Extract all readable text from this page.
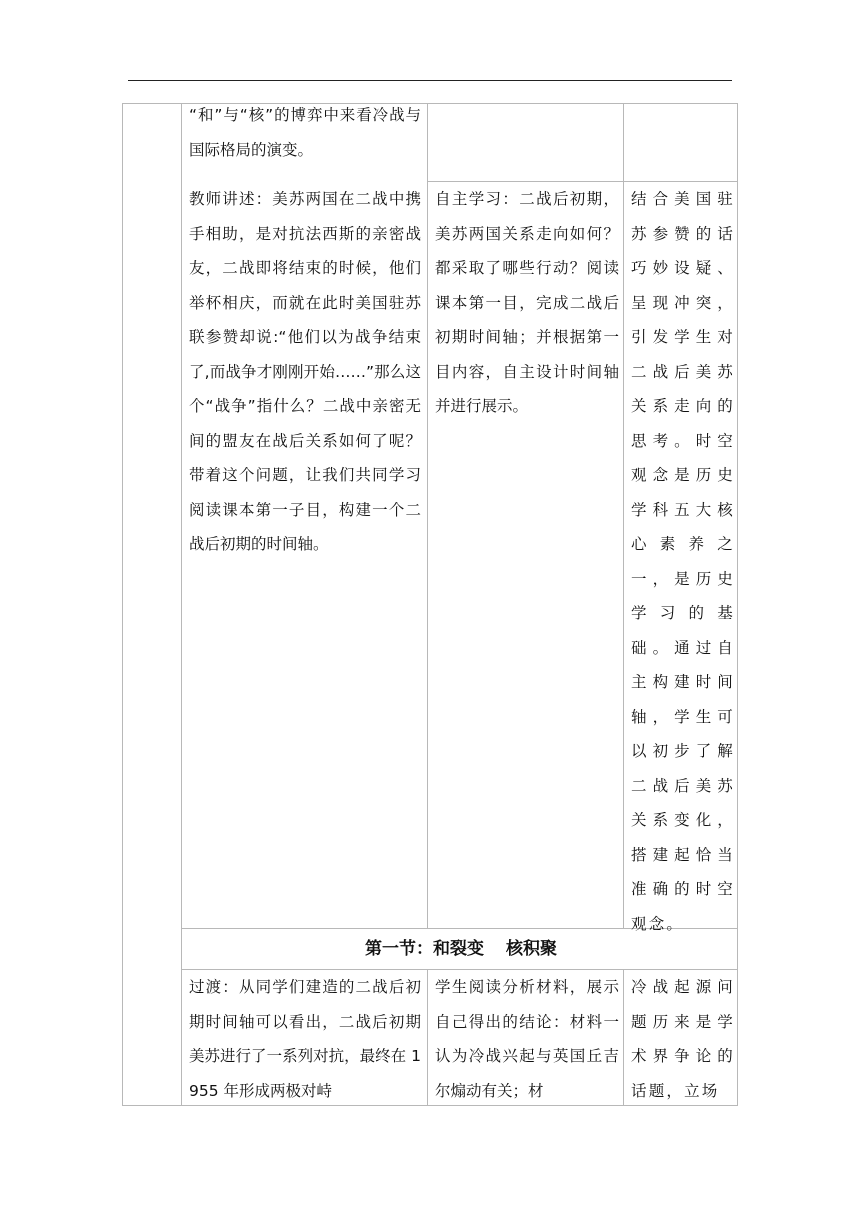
“和”与“核”的博弈中来看冷战与国际格局的演变。
教师讲述：美苏两国在二战中携手相助，是对抗法西斯的亲密战友，二战即将结束的时候，他们举杯相庆，而就在此时美国驻苏联参赞却说:“他们以为战争结束了,而战争才刚刚开始……”那么这个“战争”指什么？二战中亲密无间的盟友在战后关系如何了呢？带着这个问题，让我们共同学习阅读课本第一子目，构建一个二战后初期的时间轴。
自主学习：二战后初期，美苏两国关系走向如何？都采取了哪些行动？阅读课本第一目，完成二战后初期时间轴；并根据第一目内容，自主设计时间轴并进行展示。
结合美国驻苏参赞的话巧妙设疑、呈现冲突，引发学生对二战后美苏关系走向的思考。时空观念是历史学科五大核心素养之一，是历史学习的基础。通过自主构建时间轴，学生可以初步了解二战后美苏关系变化，搭建起恰当准确的时空观念。
第一节：和裂变 核积聚
过渡：从同学们建造的二战后初期时间轴可以看出，二战后初期美苏进行了一系列对抗，最终在 1955 年形成两极对峙
学生阅读分析材料，展示自己得出的结论：材料一认为冷战兴起与英国丘吉尔煽动有关；材
冷战起源问题历来是学术界争论的话题，立场
